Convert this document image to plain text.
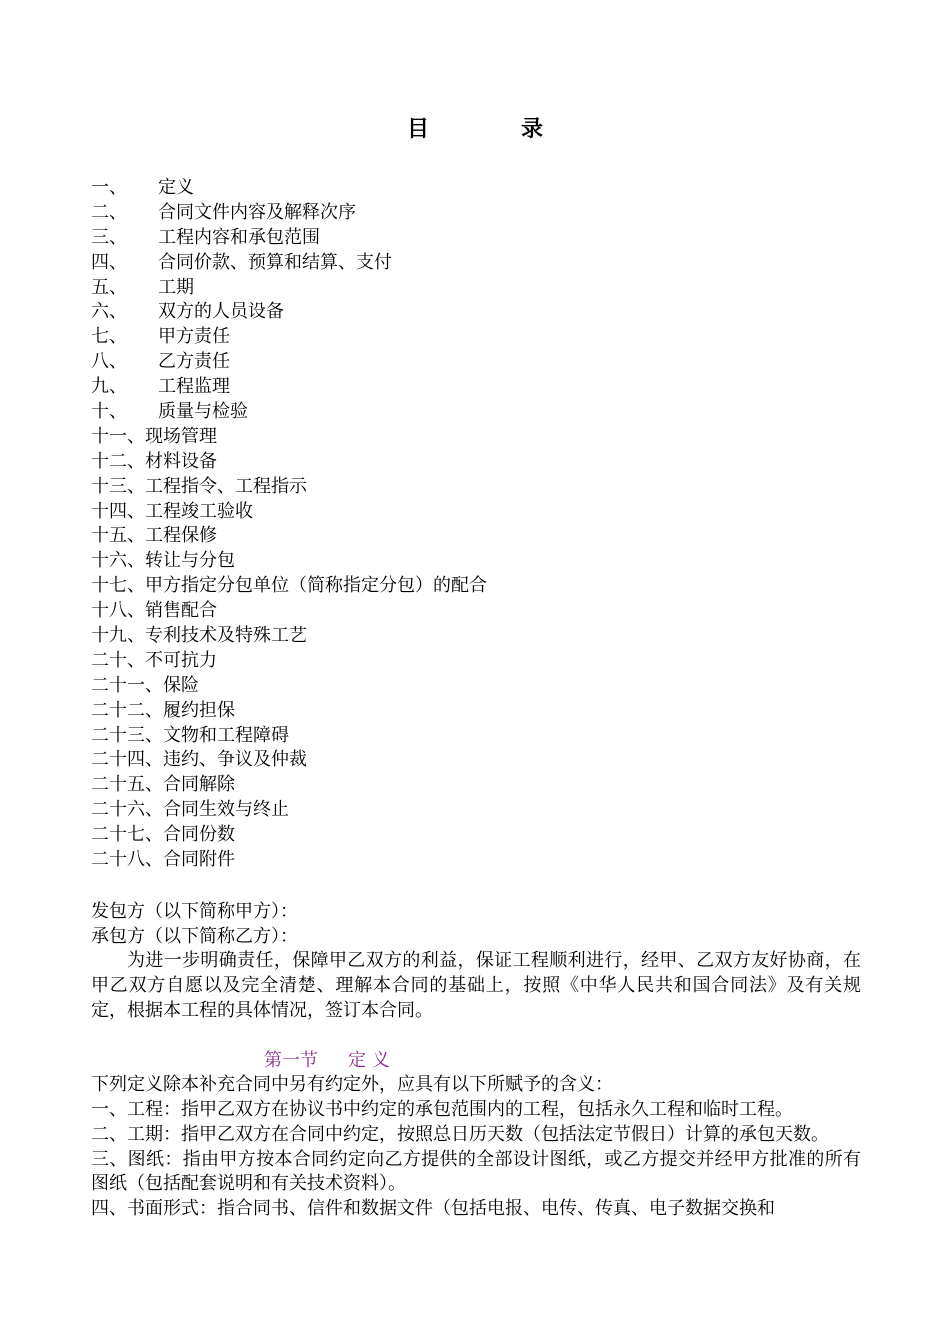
目	录
一、 定义
二、 合同文件内容及解释次序
三、 工程内容和承包范围
四、 合同价款、预算和结算、支付
五、 工期
六、 双方的人员设备
七、 甲方责任
八、 乙方责任
九、 工程监理
十、 质量与检验
十一、现场管理
十二、材料设备
十三、工程指令、工程指示
十四、工程竣工验收
十五、工程保修
十六、转让与分包
十七、甲方指定分包单位（简称指定分包）的配合
十八、销售配合
十九、专利技术及特殊工艺
二十、不可抗力
二十一、保险
二十二、履约担保
二十三、文物和工程障碍
二十四、违约、争议及仲裁
二十五、合同解除
二十六、合同生效与终止
二十七、合同份数
二十八、合同附件
发包方（以下简称甲方）：
承包方（以下简称乙方）：
为进一步明确责任，保障甲乙双方的利益，保证工程顺利进行，经甲、乙双方友好协商，在甲乙双方自愿以及完全清楚、理解本合同的基础上，按照《中华人民共和国合同法》及有关规定，根据本工程的具体情况，签订本合同。
第一节 定 义
下列定义除本补充合同中另有约定外，应具有以下所赋予的含义：
一、工程：指甲乙双方在协议书中约定的承包范围内的工程，包括永久工程和临时工程。
二、工期：指甲乙双方在合同中约定，按照总日历天数（包括法定节假日）计算的承包天数。
三、图纸：指由甲方按本合同约定向乙方提供的全部设计图纸，或乙方提交并经甲方批准的所有图纸（包括配套说明和有关技术资料）。
四、书面形式：指合同书、信件和数据文件（包括电报、电传、传真、电子数据交换和
